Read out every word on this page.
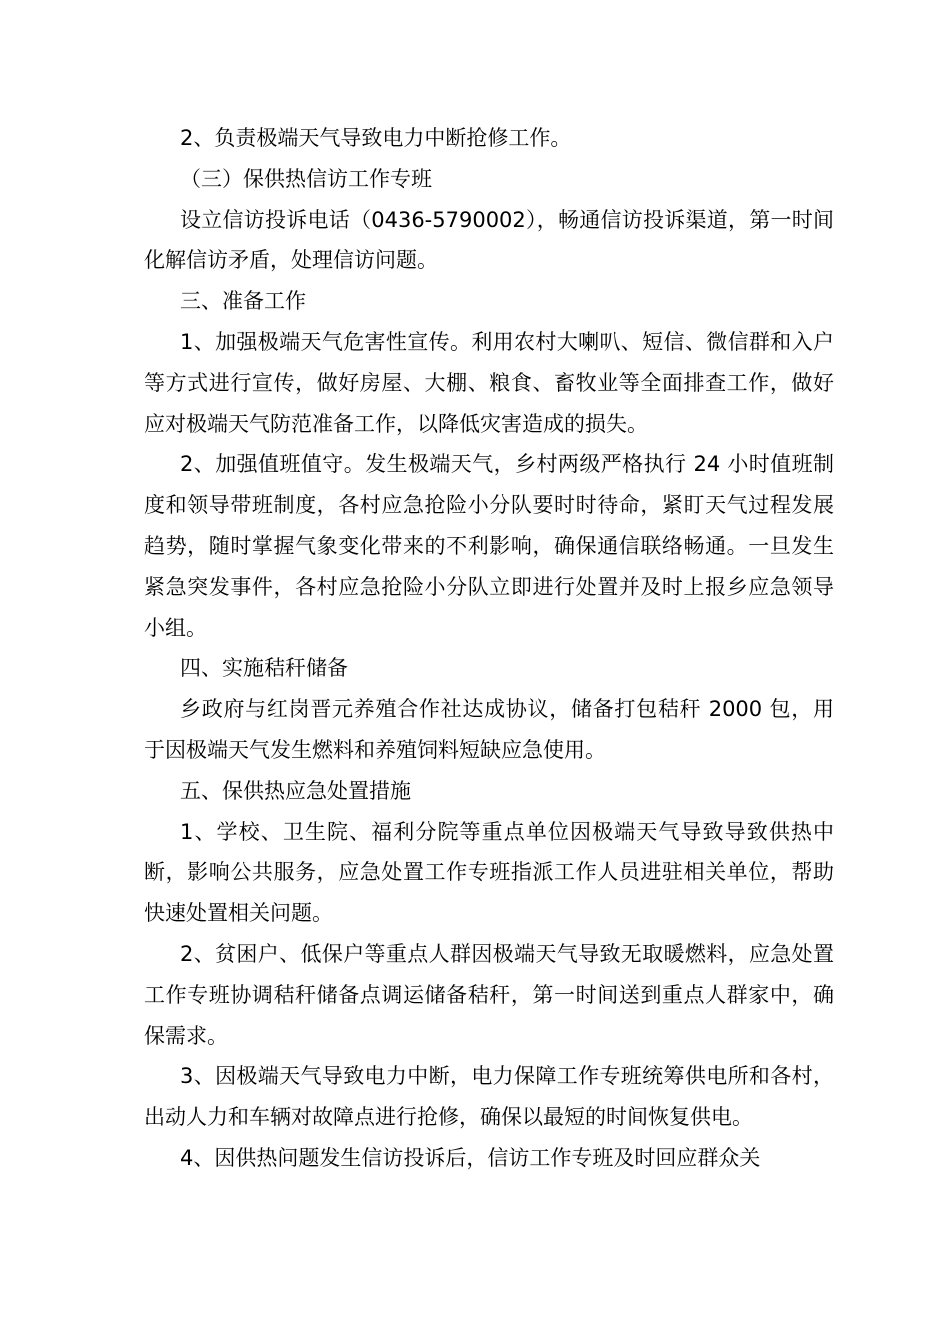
2、负责极端天气导致电力中断抢修工作。

（三）保供热信访工作专班

设立信访投诉电话（0436-5790002），畅通信访投诉渠道，第一时间化解信访矛盾，处理信访问题。

三、准备工作

1、加强极端天气危害性宣传。利用农村大喇叭、短信、微信群和入户等方式进行宣传，做好房屋、大棚、粮食、畜牧业等全面排查工作，做好应对极端天气防范准备工作，以降低灾害造成的损失。

2、加强值班值守。发生极端天气，乡村两级严格执行 24 小时值班制度和领导带班制度，各村应急抢险小分队要时时待命，紧盯天气过程发展趋势，随时掌握气象变化带来的不利影响，确保通信联络畅通。一旦发生紧急突发事件，各村应急抢险小分队立即进行处置并及时上报乡应急领导小组。

四、实施秸秆储备

乡政府与红岗晋元养殖合作社达成协议，储备打包秸秆 2000 包，用于因极端天气发生燃料和养殖饲料短缺应急使用。

五、保供热应急处置措施

1、学校、卫生院、福利分院等重点单位因极端天气导致导致供热中断，影响公共服务，应急处置工作专班指派工作人员进驻相关单位，帮助快速处置相关问题。

2、贫困户、低保户等重点人群因极端天气导致无取暖燃料，应急处置工作专班协调秸秆储备点调运储备秸秆，第一时间送到重点人群家中，确保需求。

3、因极端天气导致电力中断，电力保障工作专班统筹供电所和各村，出动人力和车辆对故障点进行抢修，确保以最短的时间恢复供电。

4、因供热问题发生信访投诉后，信访工作专班及时回应群众关
